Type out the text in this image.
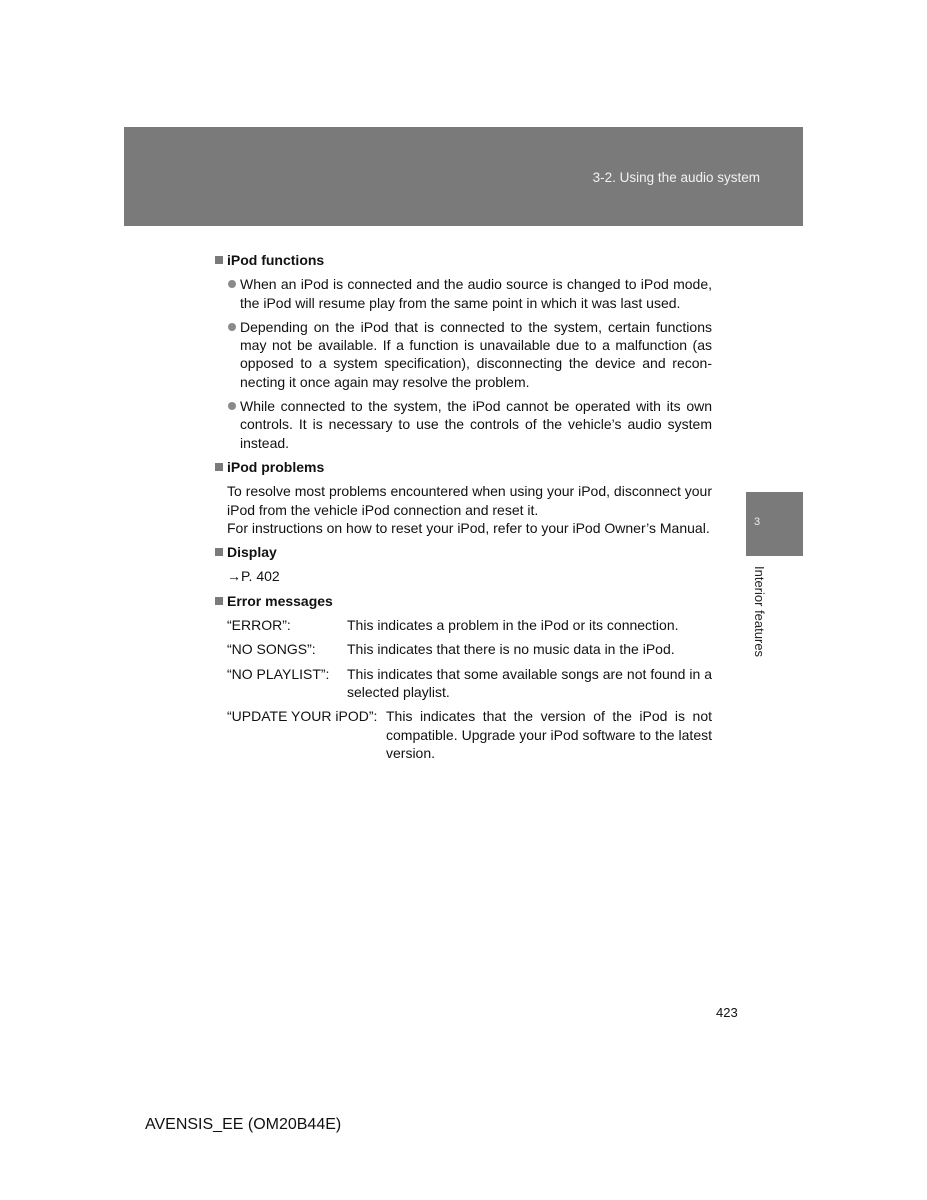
3-2. Using the audio system
3
Interior features
iPod functions
When an iPod is connected and the audio source is changed to iPod mode, the iPod will resume play from the same point in which it was last used.
Depending on the iPod that is connected to the system, certain functions may not be available. If a function is unavailable due to a malfunction (as opposed to a system specification), disconnecting the device and reconnecting it once again may resolve the problem.
While connected to the system, the iPod cannot be operated with its own controls. It is necessary to use the controls of the vehicle’s audio system instead.
iPod problems
To resolve most problems encountered when using your iPod, disconnect your iPod from the vehicle iPod connection and reset it.
For instructions on how to reset your iPod, refer to your iPod Owner’s Manual.
Display
→P. 402
Error messages
“ERROR”:	This indicates a problem in the iPod or its connection.
“NO SONGS”:	This indicates that there is no music data in the iPod.
“NO PLAYLIST”:	This indicates that some available songs are not found in a selected playlist.
“UPDATE YOUR iPOD”: This indicates that the version of the iPod is not compatible. Upgrade your iPod software to the latest version.
423
AVENSIS_EE (OM20B44E)
